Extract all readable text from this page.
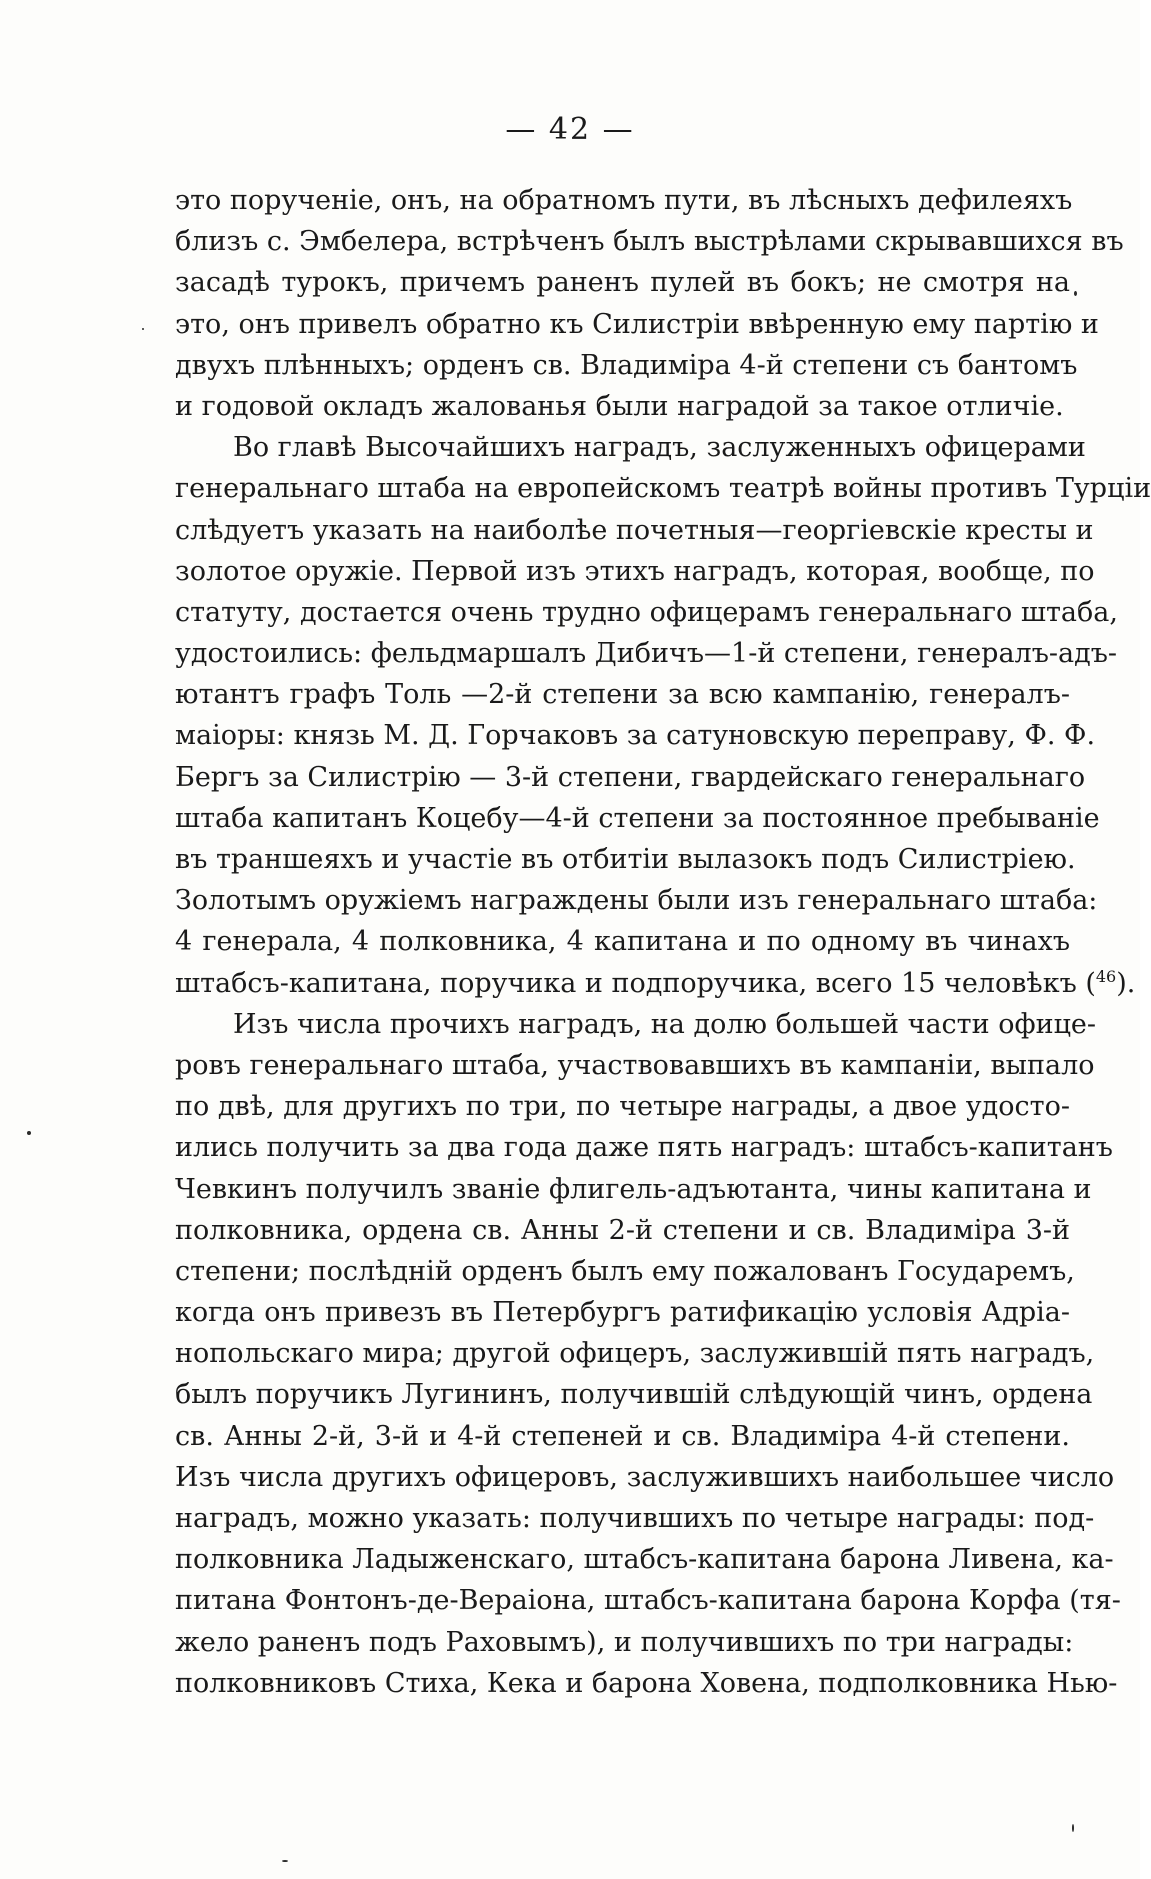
— 42 —
это порученіе, онъ, на обратномъ пути, въ лѣсныхъ дефилеяхъ
близъ с. Эмбелера, встрѣченъ былъ выстрѣлами скрывавшихся въ
засадѣ турокъ, причемъ раненъ пулей въ бокъ; не смотря на
это, онъ привелъ обратно къ Силистріи ввѣренную ему партію и
двухъ плѣнныхъ; орденъ св. Владиміра 4-й степени съ бантомъ
и годовой окладъ жалованья были наградой за такое отличіе.
Во главѣ Высочайшихъ наградъ, заслуженныхъ офицерами
генеральнаго штаба на европейскомъ театрѣ войны противъ Турціи
слѣдуетъ указать на наиболѣе почетныя—георгіевскіе кресты и
золотое оружіе. Первой изъ этихъ наградъ, которая, вообще, по
статуту, достается очень трудно офицерамъ генеральнаго штаба,
удостоились: фельдмаршалъ Дибичъ—1-й степени, генералъ-адъ-
ютантъ графъ Толь —2-й степени за всю кампанію, генералъ-
маіоры: князь М. Д. Горчаковъ за сатуновскую переправу, Ф. Ф.
Бергъ за Силистрію — 3-й степени, гвардейскаго генеральнаго
штаба капитанъ Коцебу—4-й степени за постоянное пребываніе
въ траншеяхъ и участіе въ отбитіи вылазокъ подъ Силистріею.
Золотымъ оружіемъ награждены были изъ генеральнаго штаба:
4 генерала, 4 полковника, 4 капитана и по одному въ чинахъ
штабсъ-капитана, поручика и подпоручика, всего 15 человѣкъ ($^{46}$).
Изъ числа прочихъ наградъ, на долю большей части офице-
ровъ генеральнаго штаба, участвовавшихъ въ кампаніи, выпало
по двѣ, для другихъ по три, по четыре награды, а двое удосто-
ились получить за два года даже пять наградъ: штабсъ-капитанъ
Чевкинъ получилъ званіе флигель-адъютанта, чины капитана и
полковника, ордена св. Анны 2-й степени и св. Владиміра 3-й
степени; послѣдній орденъ былъ ему пожалованъ Государемъ,
когда онъ привезъ въ Петербургъ ратификацію условія Адріа-
нопольскаго мира; другой офицеръ, заслужившій пять наградъ,
былъ поручикъ Лугининъ, получившій слѣдующій чинъ, ордена
св. Анны 2-й, 3-й и 4-й степеней и св. Владиміра 4-й степени.
Изъ числа другихъ офицеровъ, заслужившихъ наибольшее число
наградъ, можно указать: получившихъ по четыре награды: под-
полковника Ладыженскаго, штабсъ-капитана барона Ливена, ка-
питана Фонтонъ-де-Вераіона, штабсъ-капитана барона Корфа (тя-
жело раненъ подъ Раховымъ), и получившихъ по три награды:
полковниковъ Стиха, Кека и барона Ховена, подполковника Нью-
